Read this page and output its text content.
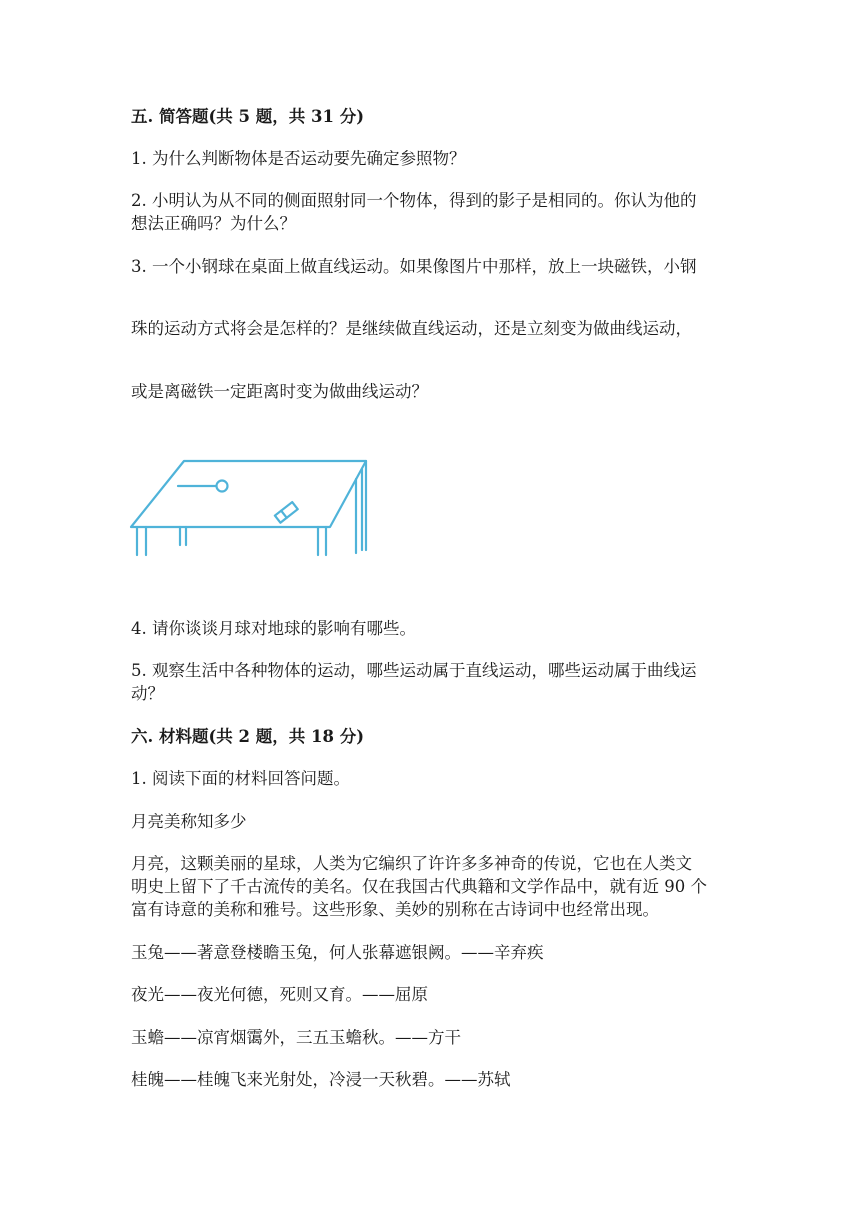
五. 简答题(共 5 题，共 31 分)

1. 为什么判断物体是否运动要先确定参照物？

2. 小明认为从不同的侧面照射同一个物体，得到的影子是相同的。你认为他的

想法正确吗？为什么？

3. 一个小钢球在桌面上做直线运动。如果像图片中那样，放上一块磁铁，小钢

珠的运动方式将会是怎样的？是继续做直线运动，还是立刻变为做曲线运动，

或是离磁铁一定距离时变为做曲线运动？

4. 请你谈谈月球对地球的影响有哪些。

5. 观察生活中各种物体的运动，哪些运动属于直线运动，哪些运动属于曲线运

动？

六. 材料题(共 2 题，共 18 分)

1. 阅读下面的材料回答问题。

月亮美称知多少

月亮，这颗美丽的星球，人类为它编织了许许多多神奇的传说，它也在人类文

明史上留下了千古流传的美名。仅在我国古代典籍和文学作品中，就有近 90 个

富有诗意的美称和雅号。这些形象、美妙的别称在古诗词中也经常出现。

玉兔——著意登楼瞻玉兔，何人张幕遮银阙。——辛弃疾

夜光——夜光何德，死则又育。——屈原

玉蟾——凉宵烟霭外，三五玉蟾秋。——方干

桂魄——桂魄飞来光射处，冷浸一天秋碧。——苏轼
